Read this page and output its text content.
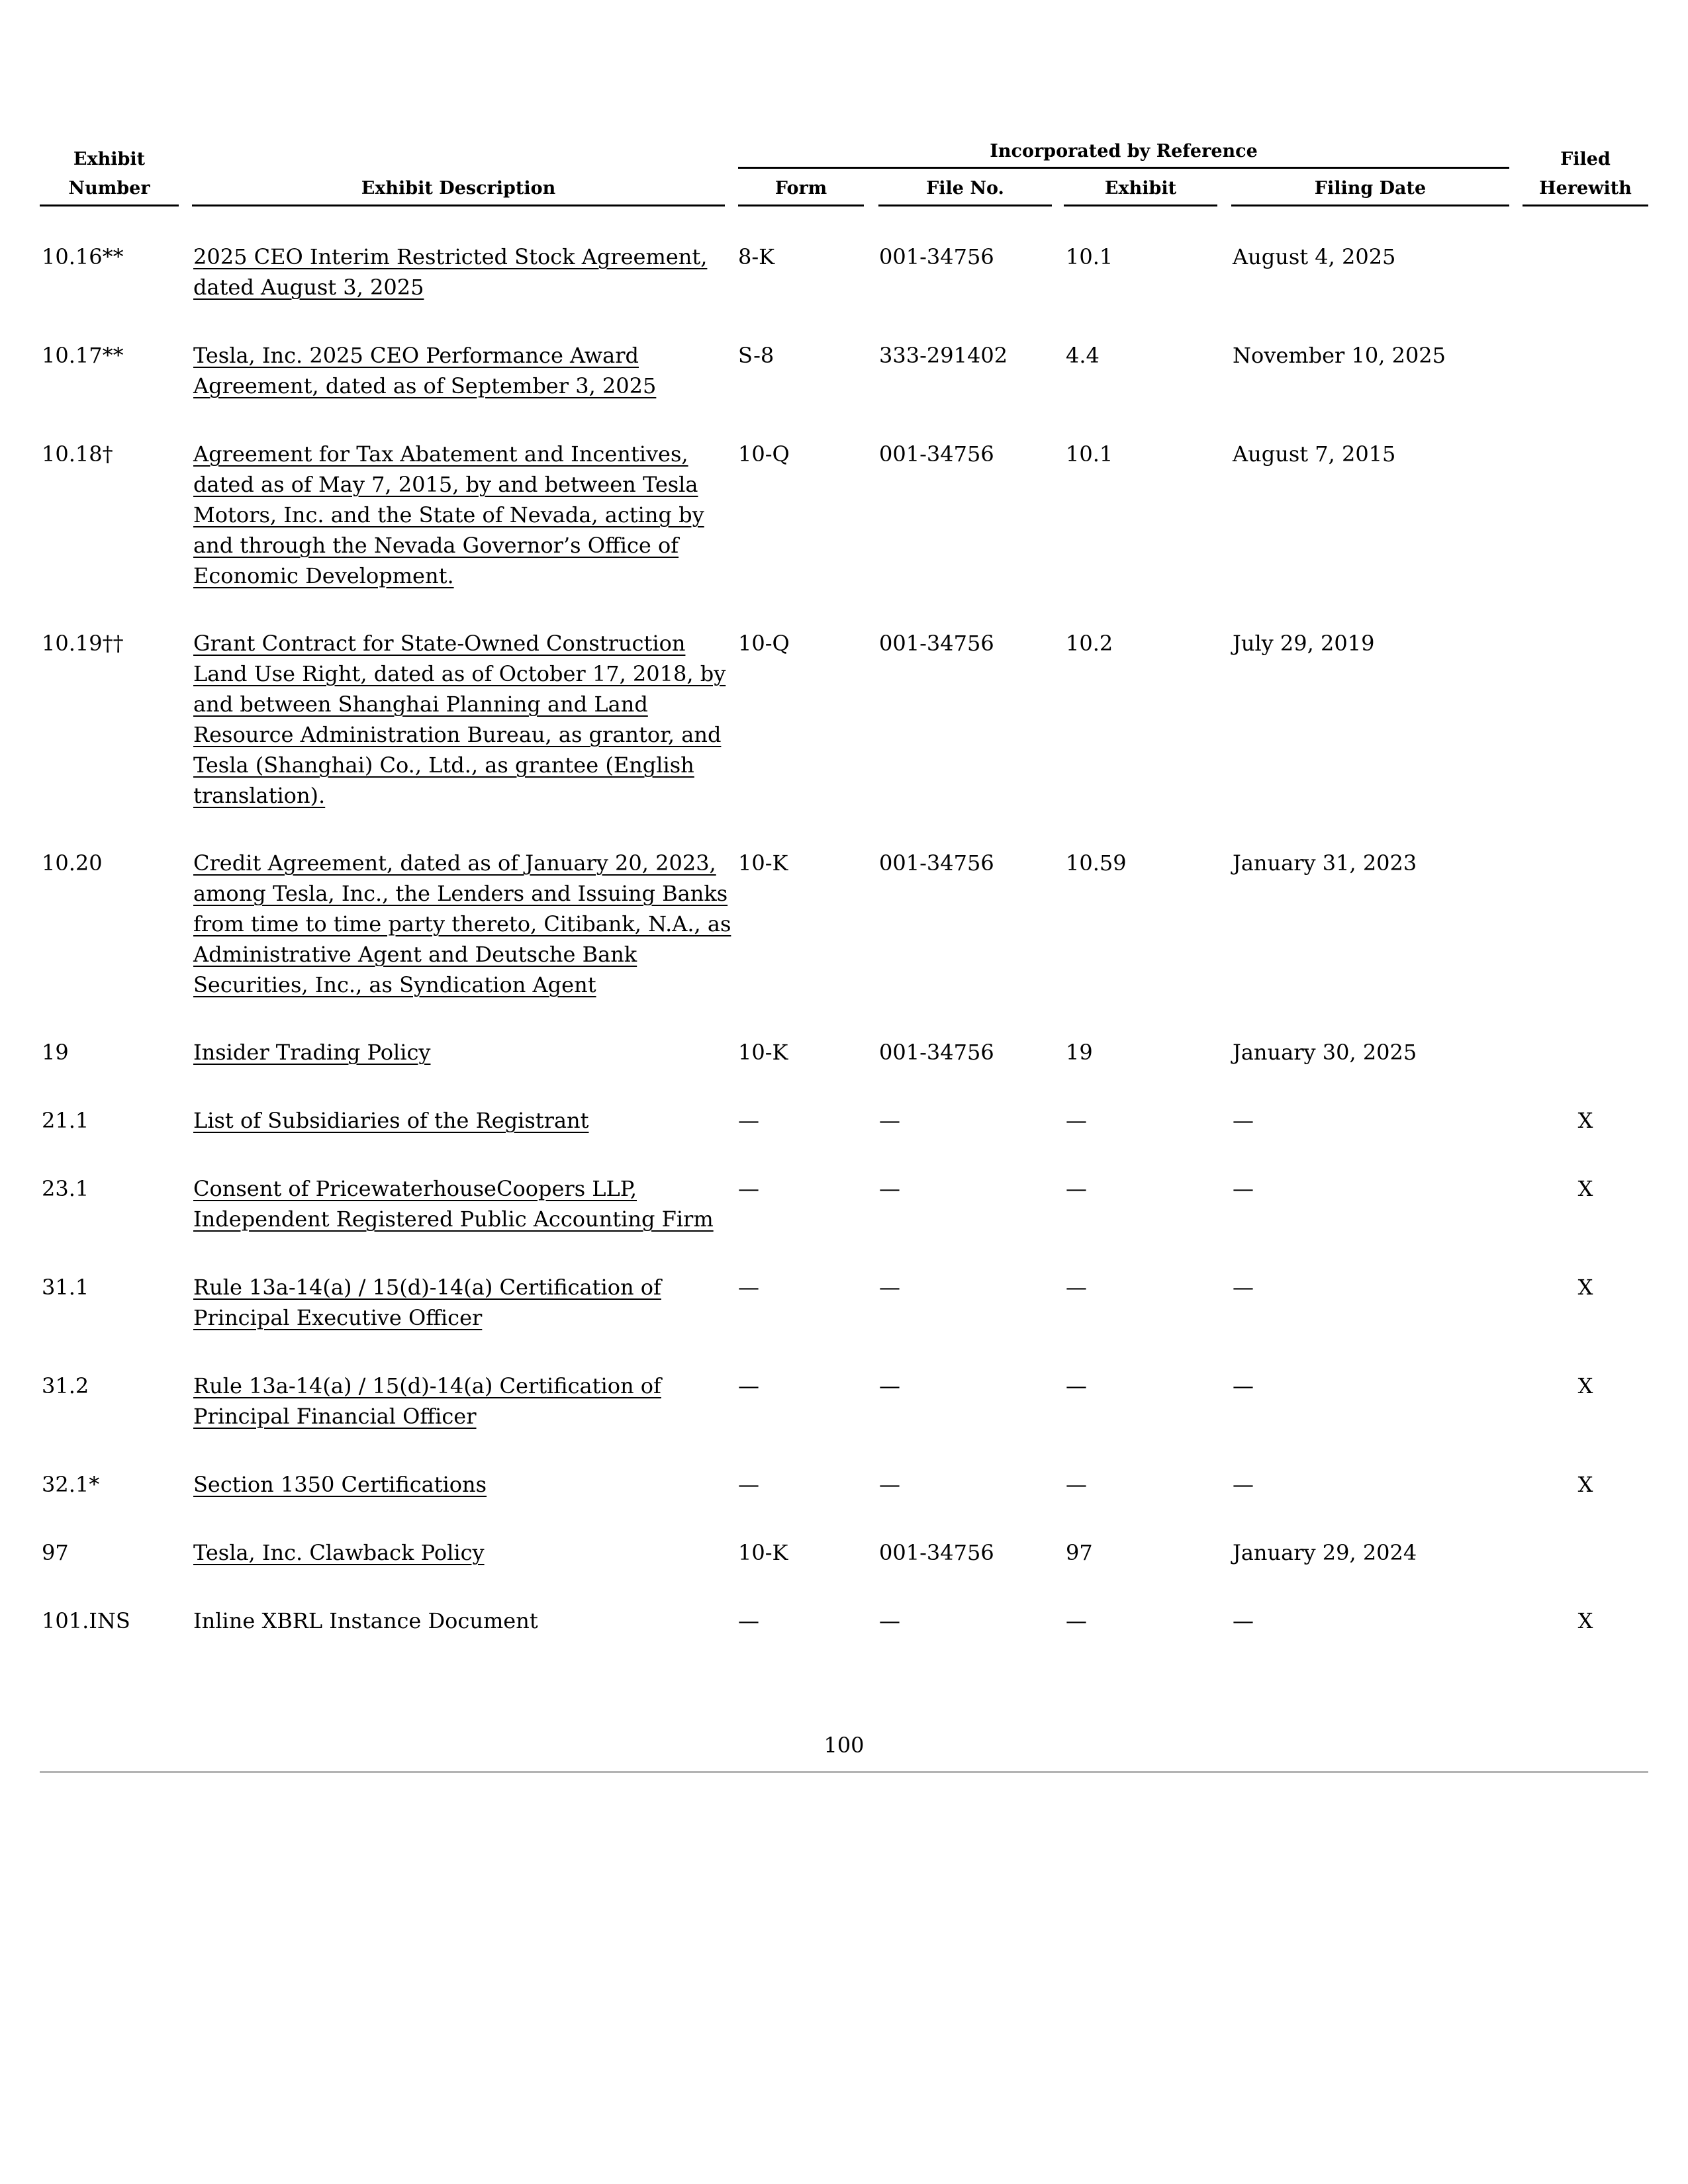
Exhibit
Number	Exhibit Description
Incorporated by Reference
Form	File No.	Exhibit	Filing Date
Filed
Herewith
10.16**	2025 CEO Interim Restricted Stock Agreement,
dated August 3, 2025
8-K	001-34756	10.1	August 4, 2025
10.17**	Tesla, Inc. 2025 CEO Performance Award
Agreement, dated as of September 3, 2025
S-8	333-291402	4.4	November 10, 2025
10.18†	Agreement for Tax Abatement and Incentives,
dated as of May 7, 2015, by and between Tesla
Motors, Inc. and the State of Nevada, acting by
and through the Nevada Governor’s Office of
Economic Development.
10-Q	001-34756	10.1	August 7, 2015
10.19††	Grant Contract for State-Owned Construction
Land Use Right, dated as of October 17, 2018, by
and between Shanghai Planning and Land
Resource Administration Bureau, as grantor, and
Tesla (Shanghai) Co., Ltd., as grantee (English
translation).
10-Q	001-34756	10.2	July 29, 2019
10.20	Credit Agreement, dated as of January 20, 2023,
among Tesla, Inc., the Lenders and Issuing Banks
from time to time party thereto, Citibank, N.A., as
Administrative Agent and Deutsche Bank
Securities, Inc., as Syndication Agent
10-K	001-34756	10.59	January 31, 2023
19	Insider Trading Policy	10-K	001-34756	19	January 30, 2025
21.1	List of Subsidiaries of the Registrant	—	—	—	—	X
23.1	Consent of PricewaterhouseCoopers LLP,
Independent Registered Public Accounting Firm
—	—	—	—	X
31.1	Rule 13a-14(a) / 15(d)-14(a) Certification of
Principal Executive Officer
—	—	—	—	X
31.2	Rule 13a-14(a) / 15(d)-14(a) Certification of
Principal Financial Officer
—	—	—	—	X
32.1*	Section 1350 Certifications	—	—	—	—	X
97	Tesla, Inc. Clawback Policy	10-K	001-34756	97	January 29, 2024
101.INS	Inline XBRL Instance Document	—	—	—	—	X
100
